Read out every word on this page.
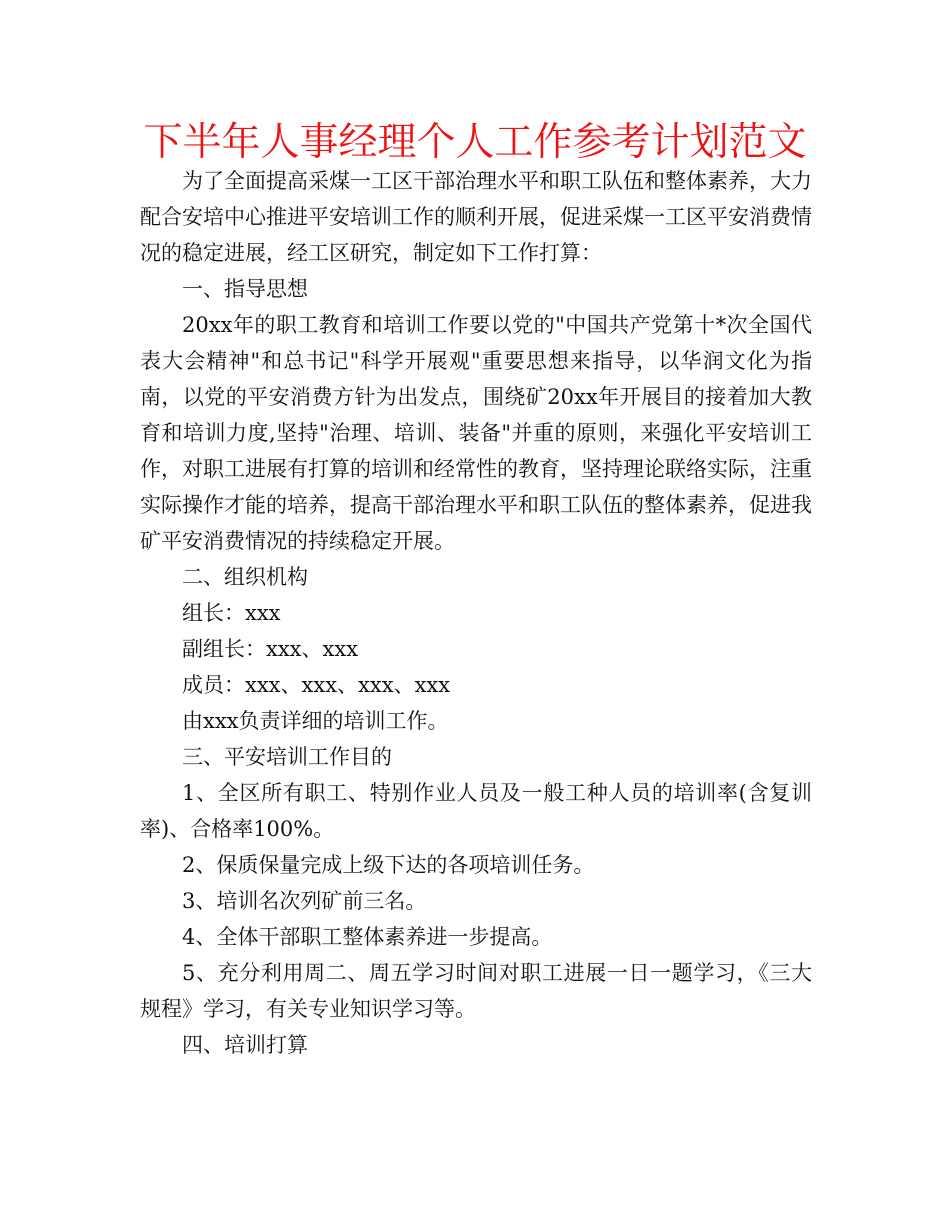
下半年人事经理个人工作参考计划范文

为了全面提高采煤一工区干部治理水平和职工队伍和整体素养，大力配合安培中心推进平安培训工作的顺利开展，促进采煤一工区平安消费情况的稳定进展，经工区研究，制定如下工作打算：

一、指导思想

20xx年的职工教育和培训工作要以党的"中国共产党第十*次全国代表大会精神"和总书记"科学开展观"重要思想来指导，以华润文化为指南，以党的平安消费方针为出发点，围绕矿20xx年开展目的接着加大教育和培训力度,坚持"治理、培训、装备"并重的原则，来强化平安培训工作，对职工进展有打算的培训和经常性的教育，坚持理论联络实际，注重实际操作才能的培养，提高干部治理水平和职工队伍的整体素养，促进我矿平安消费情况的持续稳定开展。

二、组织机构

组长：xxx

副组长：xxx、xxx

成员：xxx、xxx、xxx、xxx

由xxx负责详细的培训工作。

三、平安培训工作目的

1、全区所有职工、特别作业人员及一般工种人员的培训率(含复训率)、合格率100%。

2、保质保量完成上级下达的各项培训任务。

3、培训名次列矿前三名。

4、全体干部职工整体素养进一步提高。

5、充分利用周二、周五学习时间对职工进展一日一题学习，《三大规程》学习，有关专业知识学习等。

四、培训打算
